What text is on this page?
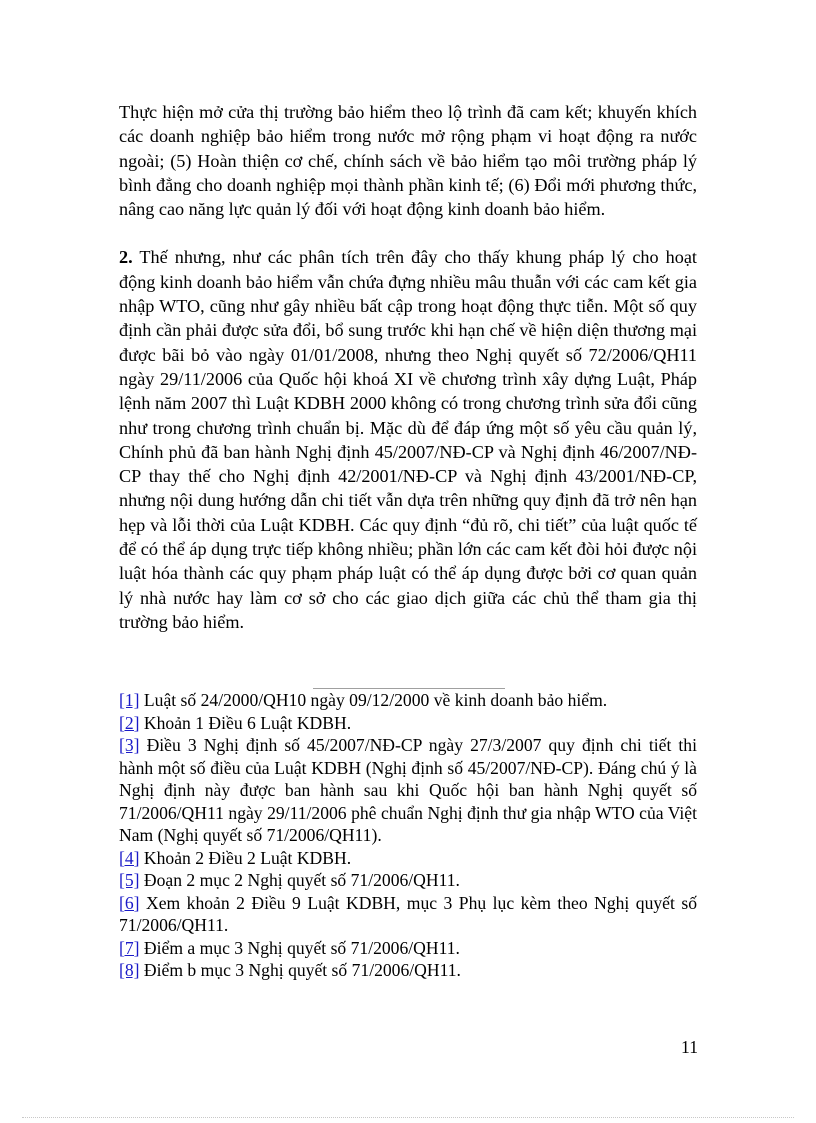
Thực hiện mở cửa thị trường bảo hiểm theo lộ trình đã cam kết; khuyến khích các doanh nghiệp bảo hiểm trong nước mở rộng phạm vi hoạt động ra nước ngoài; (5) Hoàn thiện cơ chế, chính sách về bảo hiểm tạo môi trường pháp lý bình đẳng cho doanh nghiệp mọi thành phần kinh tế; (6) Đổi mới phương thức, nâng cao năng lực quản lý đối với hoạt động kinh doanh bảo hiểm.

2. Thế nhưng, như các phân tích trên đây cho thấy khung pháp lý cho hoạt động kinh doanh bảo hiểm vẫn chứa đựng nhiều mâu thuẫn với các cam kết gia nhập WTO, cũng như gây nhiều bất cập trong hoạt động thực tiễn. Một số quy định cần phải được sửa đổi, bổ sung trước khi hạn chế về hiện diện thương mại được bãi bỏ vào ngày 01/01/2008, nhưng theo Nghị quyết số 72/2006/QH11 ngày 29/11/2006 của Quốc hội khoá XI về chương trình xây dựng Luật, Pháp lệnh năm 2007 thì Luật KDBH 2000 không có trong chương trình sửa đổi cũng như trong chương trình chuẩn bị. Mặc dù để đáp ứng một số yêu cầu quản lý, Chính phủ đã ban hành Nghị định 45/2007/NĐ-CP và Nghị định 46/2007/NĐ-CP thay thế cho Nghị định 42/2001/NĐ-CP và Nghị định 43/2001/NĐ-CP, nhưng nội dung hướng dẫn chi tiết vẫn dựa trên những quy định đã trở nên hạn hẹp và lỗi thời của Luật KDBH. Các quy định “đủ rõ, chi tiết” của luật quốc tế để có thể áp dụng trực tiếp không nhiều; phần lớn các cam kết đòi hỏi được nội luật hóa thành các quy phạm pháp luật có thể áp dụng được bởi cơ quan quản lý nhà nước hay làm cơ sở cho các giao dịch giữa các chủ thể tham gia thị trường bảo hiểm.

[1] Luật số 24/2000/QH10 ngày 09/12/2000 về kinh doanh bảo hiểm.

[2] Khoản 1 Điều 6 Luật KDBH.

[3] Điều 3 Nghị định số 45/2007/NĐ-CP ngày 27/3/2007 quy định chi tiết thi hành một số điều của Luật KDBH (Nghị định số 45/2007/NĐ-CP). Đáng chú ý là Nghị định này được ban hành sau khi Quốc hội ban hành Nghị quyết số 71/2006/QH11 ngày 29/11/2006 phê chuẩn Nghị định thư gia nhập WTO của Việt Nam (Nghị quyết số 71/2006/QH11).

[4] Khoản 2 Điều 2 Luật KDBH.

[5] Đoạn 2 mục 2 Nghị quyết số 71/2006/QH11.

[6] Xem khoản 2 Điều 9 Luật KDBH, mục 3 Phụ lục kèm theo Nghị quyết số 71/2006/QH11.

[7] Điểm a mục 3 Nghị quyết số 71/2006/QH11.

[8] Điểm b mục 3 Nghị quyết số 71/2006/QH11.

11
